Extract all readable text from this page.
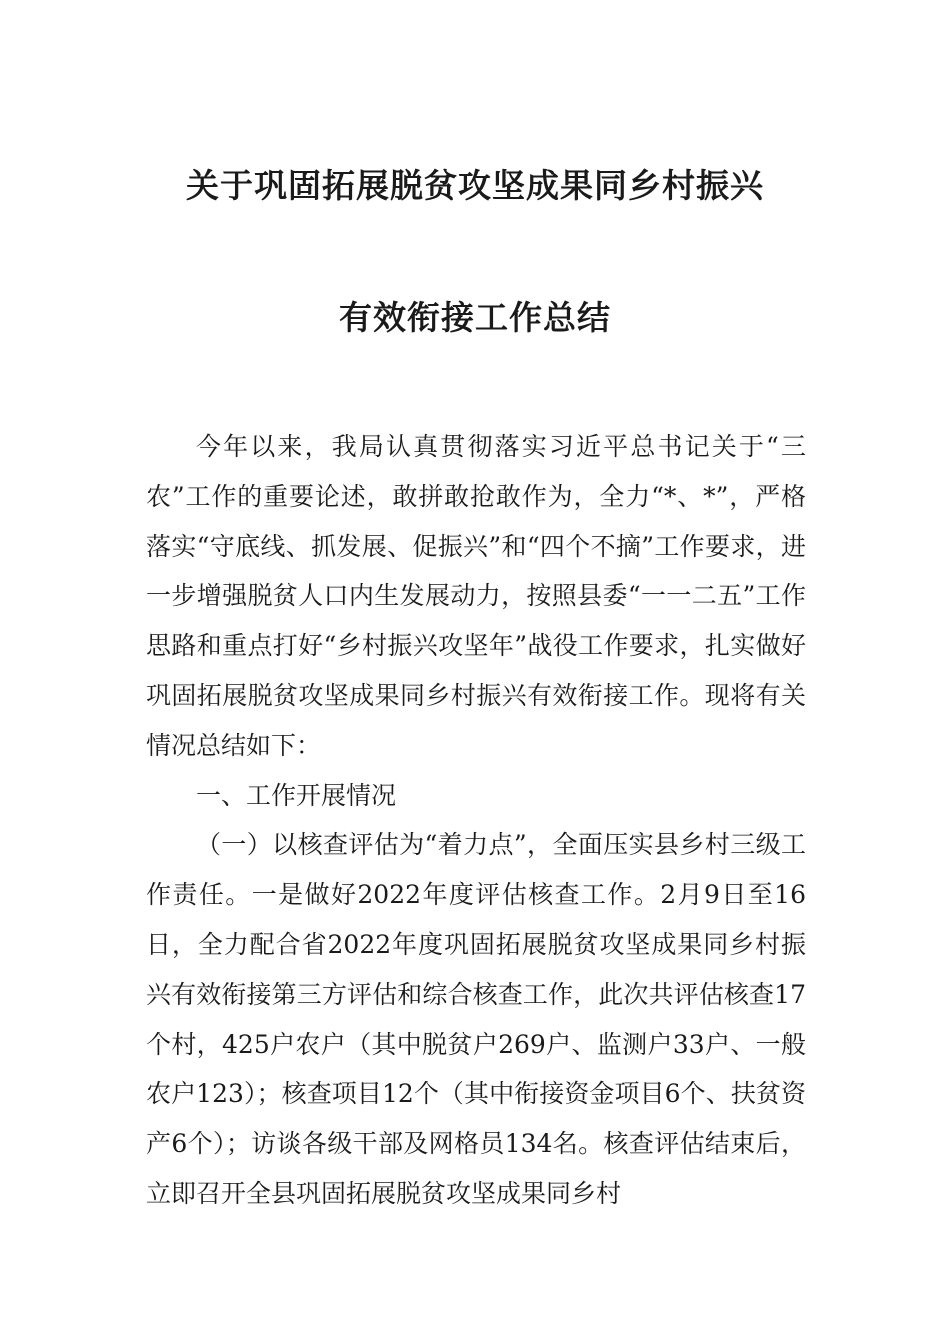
关于巩固拓展脱贫攻坚成果同乡村振兴
有效衔接工作总结

今年以来，我局认真贯彻落实习近平总书记关于“三农”工作的重要论述，敢拼敢抢敢作为，全力“*、*”，严格落实“守底线、抓发展、促振兴”和“四个不摘”工作要求，进一步增强脱贫人口内生发展动力，按照县委“一一二五”工作思路和重点打好“乡村振兴攻坚年”战役工作要求，扎实做好巩固拓展脱贫攻坚成果同乡村振兴有效衔接工作。现将有关情况总结如下：

一、工作开展情况

（一）以核查评估为“着力点”，全面压实县乡村三级工作责任。一是做好2022年度评估核查工作。2月9日至16日，全力配合省2022年度巩固拓展脱贫攻坚成果同乡村振兴有效衔接第三方评估和综合核查工作，此次共评估核查17个村，425户农户（其中脱贫户269户、监测户33户、一般农户123）；核查项目12个（其中衔接资金项目6个、扶贫资产6个）；访谈各级干部及网格员134名。核查评估结束后，立即召开全县巩固拓展脱贫攻坚成果同乡村
